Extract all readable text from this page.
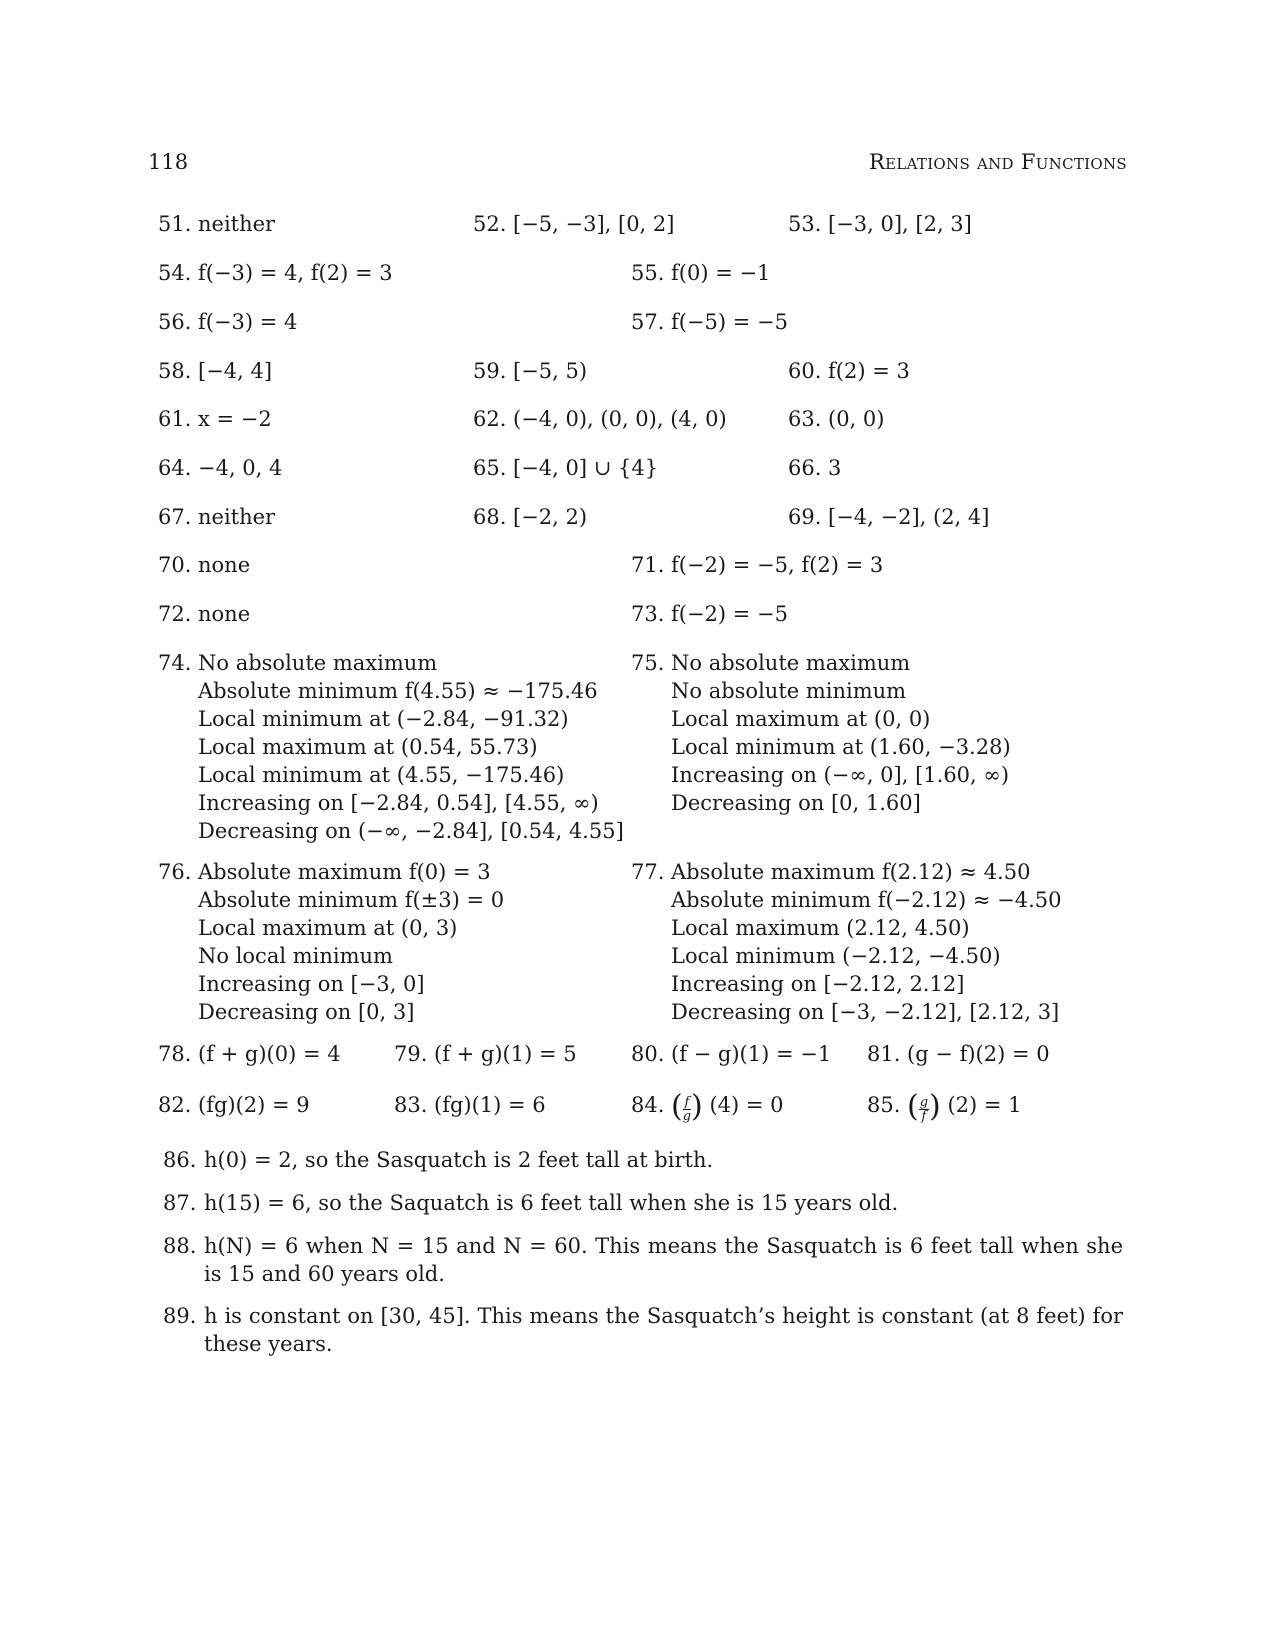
118	Relations and Functions
51. neither	52. [−5, −3], [0, 2]	53. [−3, 0], [2, 3]
54. f(−3) = 4, f(2) = 3	55. f(0) = −1
56. f(−3) = 4	57. f(−5) = −5
58. [−4, 4]	59. [−5, 5)	60. f(2) = 3
61. x = −2	62. (−4, 0), (0, 0), (4, 0)	63. (0, 0)
64. −4, 0, 4	65. [−4, 0] ∪ {4}	66. 3
67. neither	68. [−2, 2)	69. [−4, −2], (2, 4]
70. none	71. f(−2) = −5, f(2) = 3
72. none	73. f(−2) = −5
74. No absolute maximum
Absolute minimum f(4.55) ≈ −175.46
Local minimum at (−2.84, −91.32)
Local maximum at (0.54, 55.73)
Local minimum at (4.55, −175.46)
Increasing on [−2.84, 0.54], [4.55, ∞)
Decreasing on (−∞, −2.84], [0.54, 4.55]
75. No absolute maximum
No absolute minimum
Local maximum at (0, 0)
Local minimum at (1.60, −3.28)
Increasing on (−∞, 0], [1.60, ∞)
Decreasing on [0, 1.60]
76. Absolute maximum f(0) = 3
Absolute minimum f(±3) = 0
Local maximum at (0, 3)
No local minimum
Increasing on [−3, 0]
Decreasing on [0, 3]
77. Absolute maximum f(2.12) ≈ 4.50
Absolute minimum f(−2.12) ≈ −4.50
Local maximum (2.12, 4.50)
Local minimum (−2.12, −4.50)
Increasing on [−2.12, 2.12]
Decreasing on [−3, −2.12], [2.12, 3]
78. (f + g)(0) = 4	79. (f + g)(1) = 5	80. (f − g)(1) = −1 81. (g − f)(2) = 0
82. (fg)(2) = 9	83. (fg)(1) = 6	84. ( $\frac{f}{g}$ ) (4) = 0	85. ( $\frac{g}{f}$ ) (2) = 1
86. h(0) = 2, so the Sasquatch is 2 feet tall at birth.
87. h(15) = 6, so the Saquatch is 6 feet tall when she is 15 years old.
88. h(N) = 6 when N = 15 and N = 60. This means the Sasquatch is 6 feet tall when she is 15 and 60 years old.
89. h is constant on [30, 45]. This means the Sasquatch’s height is constant (at 8 feet) for these years.
